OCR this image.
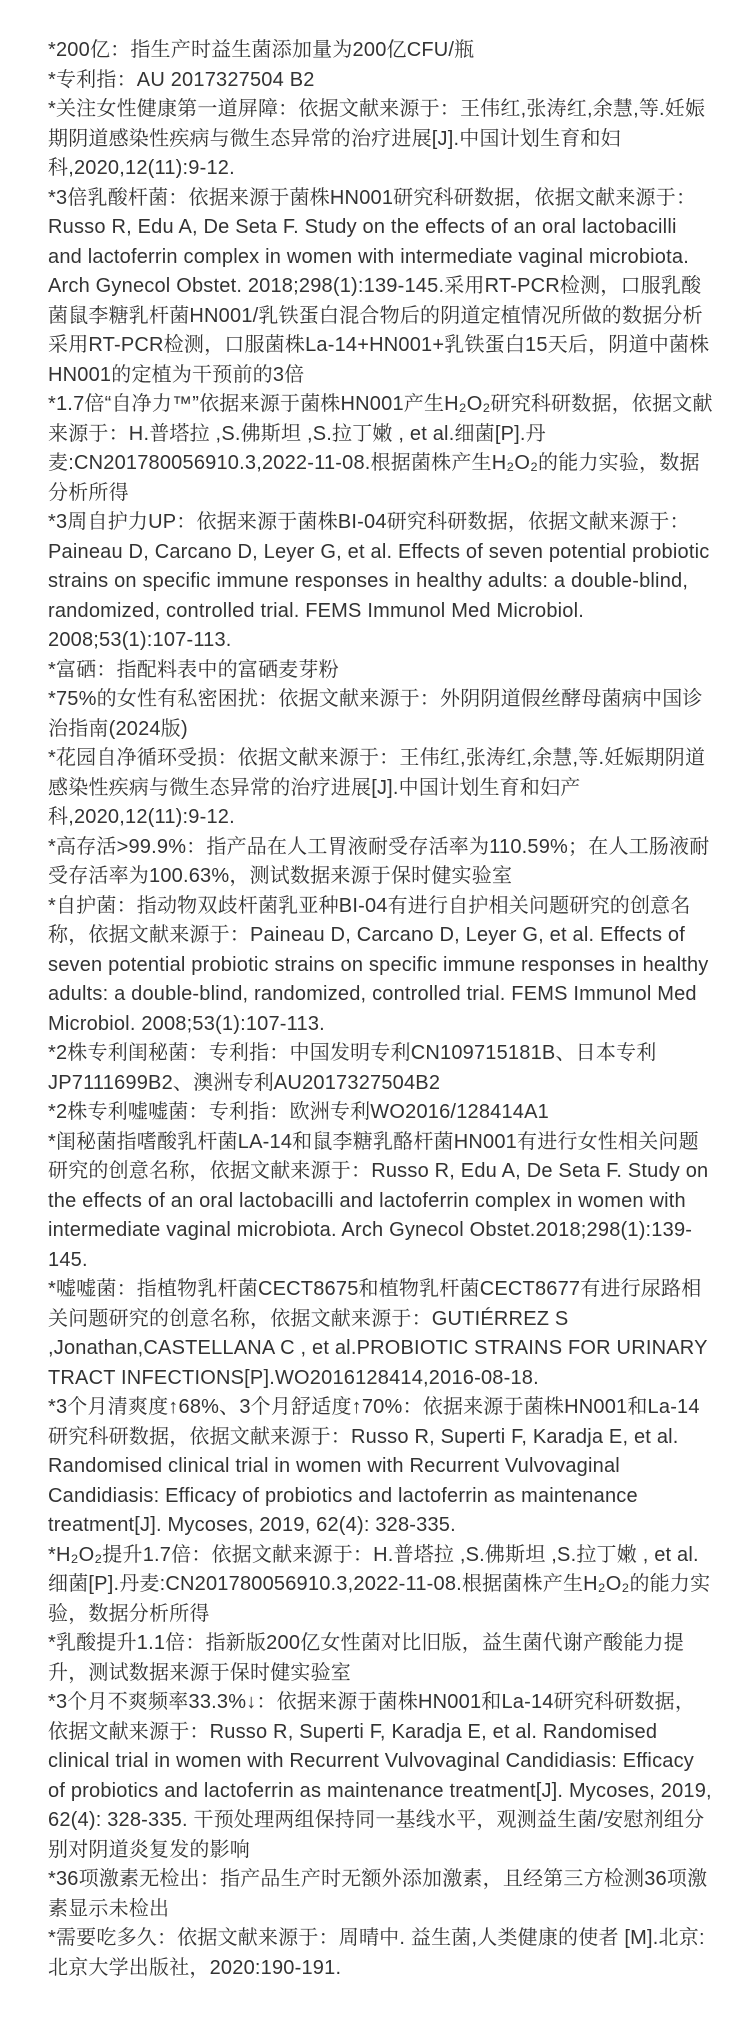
*200亿：指生产时益生菌添加量为200亿CFU/瓶

*专利指：AU 2017327504 B2

*关注女性健康第一道屏障：依据文献来源于：王伟红,张涛红,余慧,等.妊娠期阴道感染性疾病与微生态异常的治疗进展[J].中国计划生育和妇科,2020,12(11):9-12.

*3倍乳酸杆菌：依据来源于菌株HN001研究科研数据，依据文献来源于：Russo R, Edu A, De Seta F. Study on the effects of an oral lactobacilli and lactoferrin complex in women with intermediate vaginal microbiota. Arch Gynecol Obstet. 2018;298(1):139-145.采用RT-PCR检测，口服乳酸菌鼠李糖乳杆菌HN001/乳铁蛋白混合物后的阴道定植情况所做的数据分析采用RT-PCR检测，口服菌株La-14+HN001+乳铁蛋白15天后，阴道中菌株HN001的定植为干预前的3倍

*1.7倍“自净力™”依据来源于菌株HN001产生H₂O₂研究科研数据，依据文献来源于：H.普塔拉 ,S.佛斯坦 ,S.拉丁嫩 , et al.细菌[P].丹麦:CN201780056910.3,2022-11-08.根据菌株产生H₂O₂的能力实验，数据分析所得

*3周自护力UP：依据来源于菌株BI-04研究科研数据，依据文献来源于：Paineau D, Carcano D, Leyer G, et al. Effects of seven potential probiotic strains on specific immune responses in healthy adults: a double-blind, randomized, controlled trial. FEMS Immunol Med Microbiol. 2008;53(1):107-113.

*富硒：指配料表中的富硒麦芽粉

*75%的女性有私密困扰：依据文献来源于：外阴阴道假丝酵母菌病中国诊治指南(2024版)

*花园自净循环受损：依据文献来源于：王伟红,张涛红,余慧,等.妊娠期阴道感染性疾病与微生态异常的治疗进展[J].中国计划生育和妇产科,2020,12(11):9-12.

*高存活>99.9%：指产品在人工胃液耐受存活率为110.59%；在人工肠液耐受存活率为100.63%，测试数据来源于保时健实验室

*自护菌：指动物双歧杆菌乳亚种BI-04有进行自护相关问题研究的创意名称，依据文献来源于：Paineau D, Carcano D, Leyer G, et al. Effects of seven potential probiotic strains on specific immune responses in healthy adults: a double-blind, randomized, controlled trial. FEMS Immunol Med Microbiol. 2008;53(1):107-113.

*2株专利闺秘菌：专利指：中国发明专利CN109715181B、日本专利JP7111699B2、澳洲专利AU2017327504B2

*2株专利嘘嘘菌：专利指：欧洲专利WO2016/128414A1

*闺秘菌指嗜酸乳杆菌LA-14和鼠李糖乳酪杆菌HN001有进行女性相关问题研究的创意名称，依据文献来源于：Russo R, Edu A, De Seta F. Study on the effects of an oral lactobacilli and lactoferrin complex in women with intermediate vaginal microbiota. Arch Gynecol Obstet.2018;298(1):139-145.

*嘘嘘菌：指植物乳杆菌CECT8675和植物乳杆菌CECT8677有进行尿路相关问题研究的创意名称，依据文献来源于：GUTIÉRREZ S ,Jonathan,CASTELLANA C , et al.PROBIOTIC STRAINS FOR URINARY TRACT INFECTIONS[P].WO2016128414,2016-08-18.

*3个月清爽度↑68%、3个月舒适度↑70%：依据来源于菌株HN001和La-14研究科研数据，依据文献来源于：Russo R, Superti F, Karadja E, et al. Randomised clinical trial in women with Recurrent Vulvovaginal Candidiasis: Efficacy of probiotics and lactoferrin as maintenance treatment[J]. Mycoses, 2019, 62(4): 328-335.

*H₂O₂提升1.7倍：依据文献来源于：H.普塔拉 ,S.佛斯坦 ,S.拉丁嫩 , et al.细菌[P].丹麦:CN201780056910.3,2022-11-08.根据菌株产生H₂O₂的能力实验，数据分析所得

*乳酸提升1.1倍：指新版200亿女性菌对比旧版，益生菌代谢产酸能力提升，测试数据来源于保时健实验室

*3个月不爽频率33.3%↓：依据来源于菌株HN001和La-14研究科研数据，依据文献来源于：Russo R, Superti F, Karadja E, et al. Randomised clinical trial in women with Recurrent Vulvovaginal Candidiasis: Efficacy of probiotics and lactoferrin as maintenance treatment[J]. Mycoses, 2019, 62(4): 328-335. 干预处理两组保持同一基线水平，观测益生菌/安慰剂组分别对阴道炎复发的影响

*36项激素无检出：指产品生产时无额外添加激素，且经第三方检测36项激素显示未检出

*需要吃多久：依据文献来源于：周晴中. 益生菌,人类健康的使者 [M].北京:北京大学出版社，2020:190-191.
